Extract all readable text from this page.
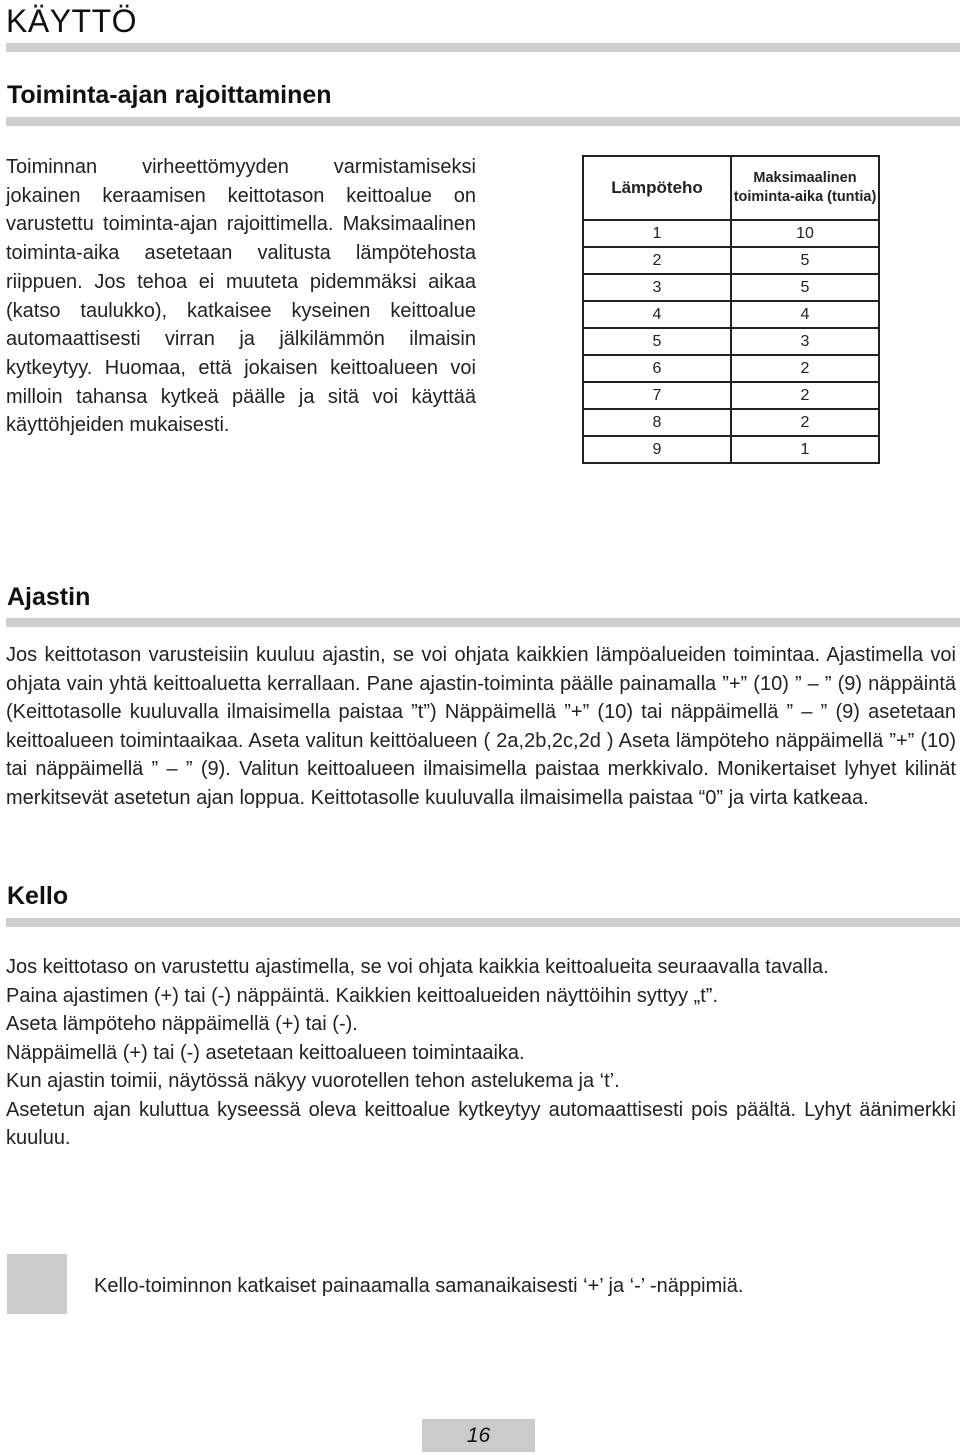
KÄYTTÖ
Toiminta-ajan rajoittaminen

Toiminnan virheettömyyden varmistamiseksi jokainen keraamisen keittotason keittoalue on varustettu toiminta-ajan rajoittimella. Maksimaalinen toiminta-aika asetetaan valitusta lämpötehosta riippuen. Jos tehoa ei muuteta pidemmäksi aikaa (katso taulukko), katkaisee kyseinen keittoalue automaattisesti virran ja jälkilämmön ilmaisin kytkeytyy. Huomaa, että jokaisen keittoalueen voi milloin tahansa kytkeä päälle ja sitä voi käyttää käyttöhjeiden mukaisesti.

Lämpöteho	Maksimaalinen toiminta-aika (tuntia)
1	10
2	5
3	5
4	4
5	3
6	2
7	2
8	2
9	1
Ajastin

Jos keittotason varusteisiin kuuluu ajastin, se voi ohjata kaikkien lämpöalueiden toimintaa. Ajastimella voi ohjata vain yhtä keittoaluetta kerrallaan. Pane ajastin-toiminta päälle painamalla ”+” (10) ” – ” (9) näppäintä (Keittotasolle kuuluvalla ilmaisimella paistaa ”t”) Näppäimellä ”+” (10) tai näppäimellä ” – ” (9) asetetaan keittoalueen toimintaaikaa. Aseta valitun keittöalueen ( 2a,2b,2c,2d ) Aseta lämpöteho näppäimellä ”+” (10) tai näppäimellä ” – ” (9). Valitun keittoalueen ilmaisimella paistaa merkkivalo. Monikertaiset lyhyet kilinät merkitsevät asetetun ajan loppua. Keittotasolle kuuluvalla ilmaisimella paistaa “0” ja virta katkeaa.

Kello
Jos keittotaso on varustettu ajastimella, se voi ohjata kaikkia keittoalueita seuraavalla tavalla.
Paina ajastimen (+) tai (-) näppäintä. Kaikkien keittoalueiden näyttöihin syttyy „t”.
Aseta lämpöteho näppäimellä (+) tai (-).
Näppäimellä (+) tai (-) asetetaan keittoalueen toimintaaika.
Kun ajastin toimii, näytössä näkyy vuorotellen tehon astelukema ja ‘t’.
Asetetun ajan kuluttua kyseessä oleva keittoalue kytkeytyy automaattisesti pois päältä. Lyhyt äänimerkki kuuluu.
Kello-toiminnon katkaiset painaamalla samanaikaisesti ‘+’ ja ‘-’ -näppimiä.
16
